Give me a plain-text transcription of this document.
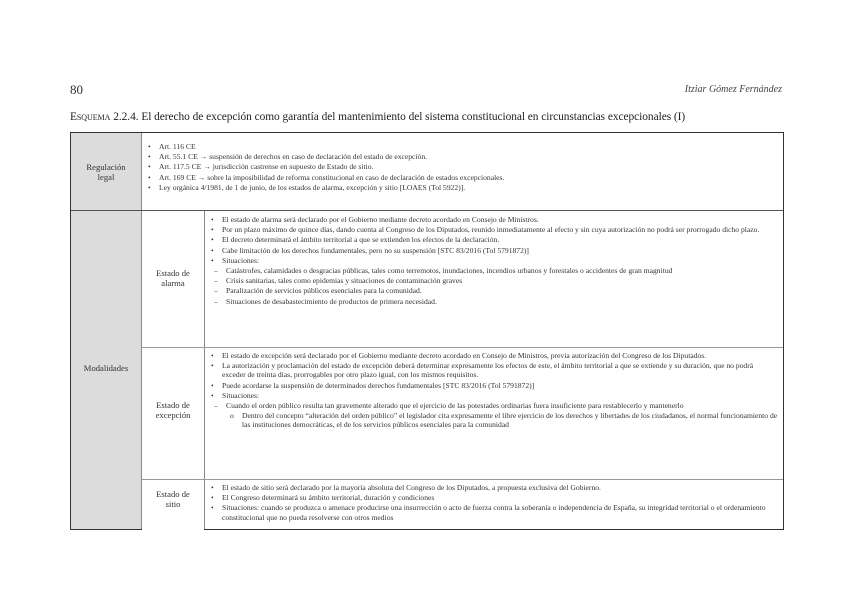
80	Itziar Gómez Fernández
Esquema 2.2.4. El derecho de excepción como garantía del mantenimiento del sistema constitucional en circunstancias excepcionales (I)
Regulación
legal
• Art. 116 CE
• Art. 55.1 CE → suspensión de derechos en caso de declaración del estado de excepción.
• Art. 117.5 CE → jurisdicción castrense en supuesto de Estado de sitio.
• Art. 169 CE → sobre la imposibilidad de reforma constitucional en caso de declaración de estados excepcionales.
• Ley orgánica 4/1981, de 1 de junio, de los estados de alarma, excepción y sitio [LOAES (Tol 5922)].
Modalidades
Estado de
alarma
• El estado de alarma será declarado por el Gobierno mediante decreto acordado en Consejo de Ministros.
• Por un plazo máximo de quince días, dando cuenta al Congreso de los Diputados, reunido inmediatamente al efecto y sin cuya autorización no podrá ser prorrogado dicho plazo.
• El decreto determinará el ámbito territorial a que se extienden los efectos de la declaración.
• Cabe limitación de los derechos fundamentales, pero no su suspensión [STC 83/2016 (Tol 5791872)]
• Situaciones:
– Catástrofes, calamidades o desgracias públicas, tales como terremotos, inundaciones, incendios urbanos y forestales o accidentes de gran magnitud
– Crisis sanitarias, tales como epidemias y situaciones de contaminación graves
– Paralización de servicios públicos esenciales para la comunidad.
– Situaciones de desabastecimiento de productos de primera necesidad.
Estado de
excepción
• El estado de excepción será declarado por el Gobierno mediante decreto acordado en Consejo de Ministros, previa autorización del Congreso de los Diputados.
• La autorización y proclamación del estado de excepción deberá determinar expresamente los efectos de este, el ámbito territorial a que se extiende y su duración, que no podrá exceder de treinta días, prorrogables por otro plazo igual, con los mismos requisitos.
• Puede acordarse la suspensión de determinados derechos fundamentales [STC 83/2016 (Tol 5791872)]
• Situaciones:
– Cuando el orden público resulta tan gravemente alterado que el ejercicio de las potestades ordinarias fuera insuficiente para restablecerlo y mantenerlo
o Dentro del concepto “alteración del orden público” el legislador cita expresamente el libre ejercicio de los derechos y libertades de los ciudadanos, el normal funcionamiento de las instituciones democráticas, el de los servicios públicos esenciales para la comunidad
Estado de
sitio
• El estado de sitio será declarado por la mayoría absoluta del Congreso de los Diputados, a propuesta exclusiva del Gobierno.
• El Congreso determinará su ámbito territorial, duración y condiciones
• Situaciones: cuando se produzca o amenace producirse una insurrección o acto de fuerza contra la soberanía o independencia de España, su integridad territorial o el ordenamiento constitucional que no pueda resolverse con otros medios
